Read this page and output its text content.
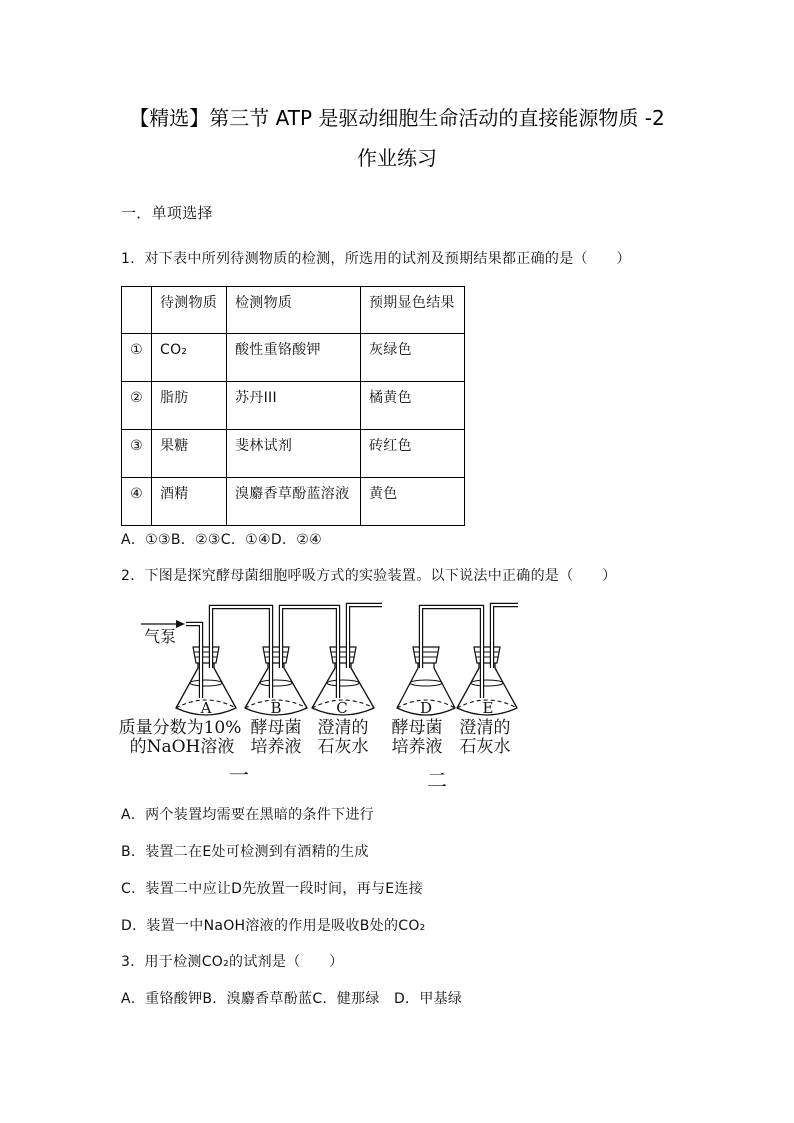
【精选】第三节 ATP 是驱动细胞生命活动的直接能源物质 -2
作业练习
一．单项选择
1．对下表中所列待测物质的检测，所选用的试剂及预期结果都正确的是（　　）
	待测物质	检测物质	预期显色结果
①	CO₂	酸性重铬酸钾	灰绿色
②	脂肪	苏丹III	橘黄色
③	果糖	斐林试剂	砖红色
④	酒精	溴麝香草酚蓝溶液	黄色
A．①③B．②③C．①④D．②④
2．下图是探究酵母菌细胞呼吸方式的实验装置。以下说法中正确的是（　　）
A	B	C	D	E
气泵
质量分数为10%
的NaOH溶液
酵母菌
培养液
澄清的
石灰水
酵母菌
培养液
澄清的
石灰水
一	二
A．两个装置均需要在黑暗的条件下进行
B．装置二在E处可检测到有酒精的生成
C．装置二中应让D先放置一段时间，再与E连接
D．装置一中NaOH溶液的作用是吸收B处的CO₂
3．用于检测CO₂的试剂是（　　）
A．重铬酸钾B．溴麝香草酚蓝C．健那绿　D．甲基绿
